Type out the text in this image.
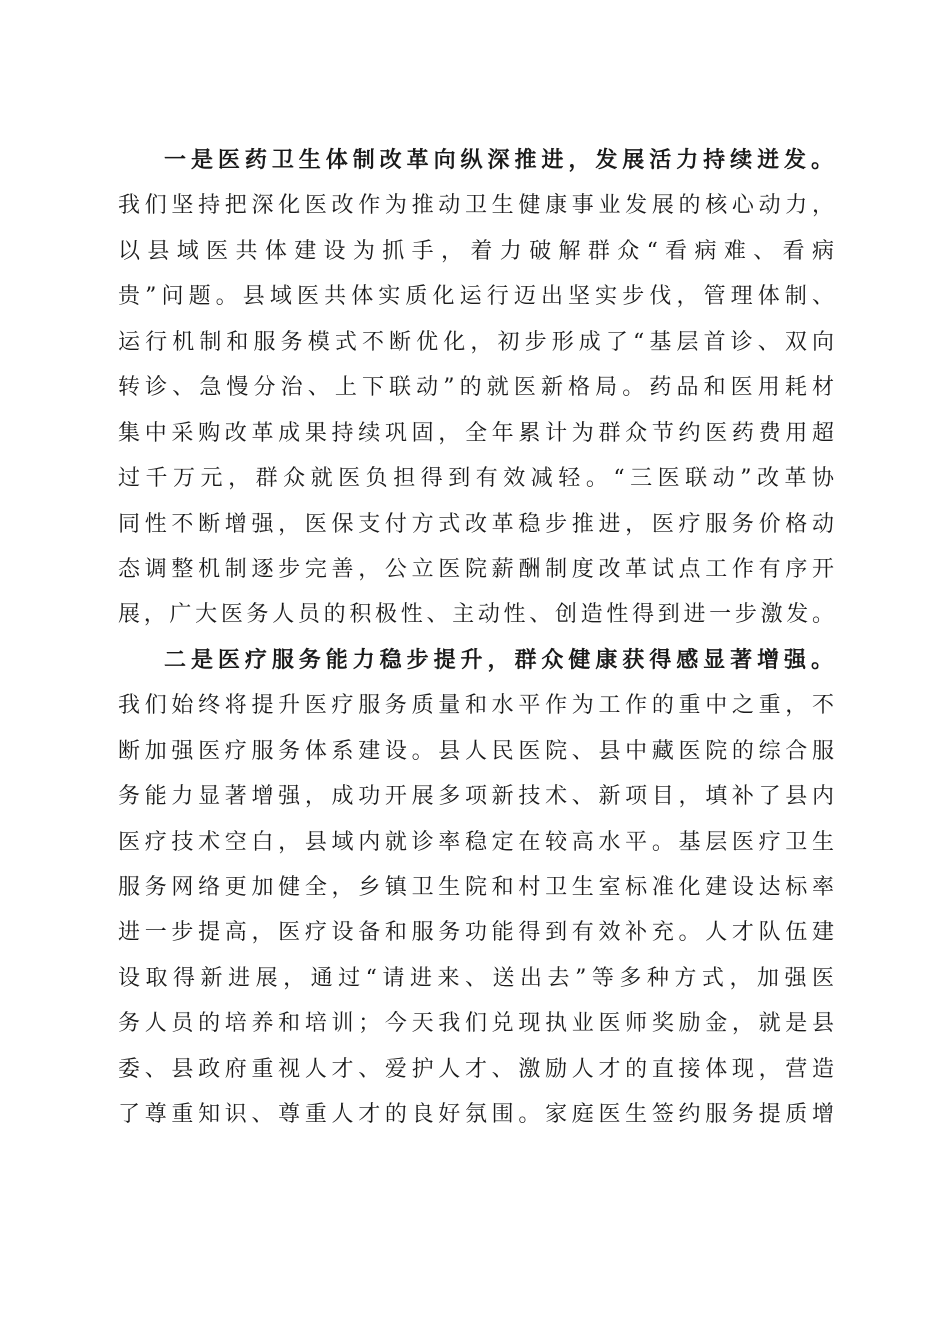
一是医药卫生体制改革向纵深推进，发展活力持续迸发。
我们坚持把深化医改作为推动卫生健康事业发展的核心动力，
以县域医共体建设为抓手，着力破解群众“看病难、看病
贵”问题。县域医共体实质化运行迈出坚实步伐，管理体制、
运行机制和服务模式不断优化，初步形成了“基层首诊、双向
转诊、急慢分治、上下联动”的就医新格局。药品和医用耗材
集中采购改革成果持续巩固，全年累计为群众节约医药费用超
过千万元，群众就医负担得到有效减轻。“三医联动”改革协
同性不断增强，医保支付方式改革稳步推进，医疗服务价格动
态调整机制逐步完善，公立医院薪酬制度改革试点工作有序开
展，广大医务人员的积极性、主动性、创造性得到进一步激发。
二是医疗服务能力稳步提升，群众健康获得感显著增强。
我们始终将提升医疗服务质量和水平作为工作的重中之重，不
断加强医疗服务体系建设。县人民医院、县中藏医院的综合服
务能力显著增强，成功开展多项新技术、新项目，填补了县内
医疗技术空白，县域内就诊率稳定在较高水平。基层医疗卫生
服务网络更加健全，乡镇卫生院和村卫生室标准化建设达标率
进一步提高，医疗设备和服务功能得到有效补充。人才队伍建
设取得新进展，通过“请进来、送出去”等多种方式，加强医
务人员的培养和培训；今天我们兑现执业医师奖励金，就是县
委、县政府重视人才、爱护人才、激励人才的直接体现，营造
了尊重知识、尊重人才的良好氛围。家庭医生签约服务提质增
